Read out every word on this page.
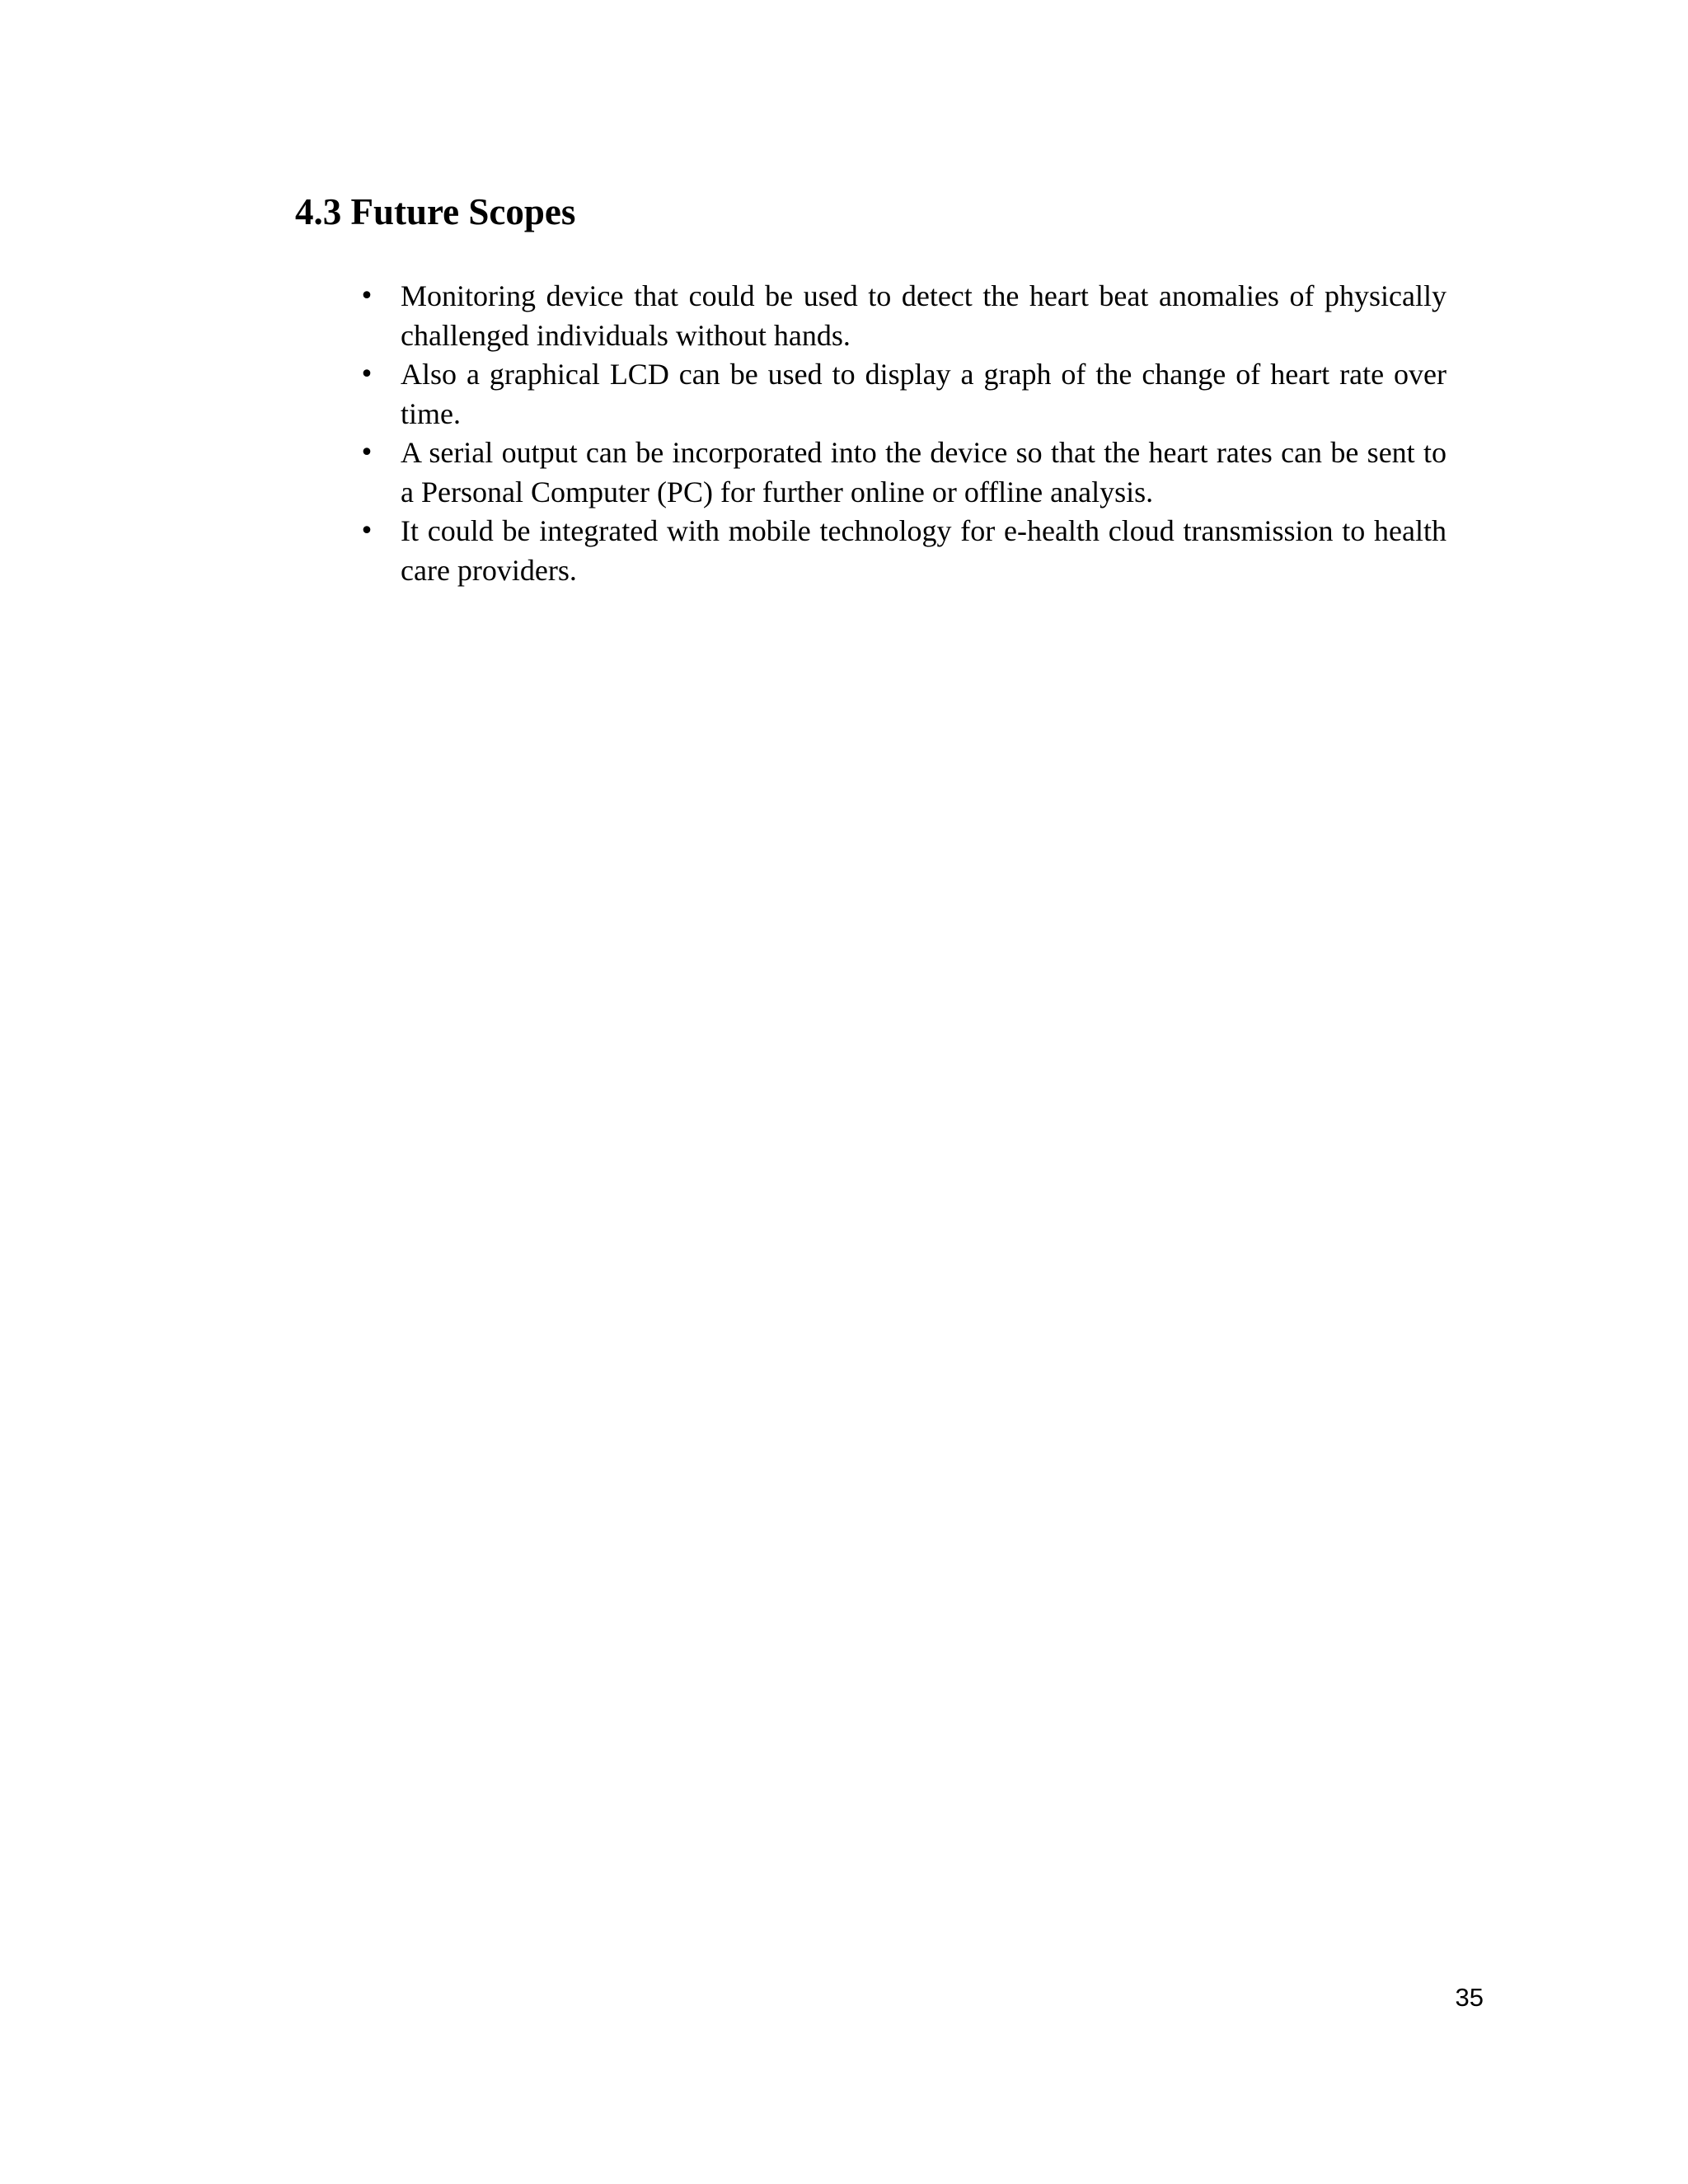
4.3 Future Scopes
• Monitoring device that could be used to detect the heart beat anomalies of physically challenged individuals without hands.
• Also a graphical LCD can be used to display a graph of the change of heart rate over time.
• A serial output can be incorporated into the device so that the heart rates can be sent to a Personal Computer (PC) for further online or offline analysis.
• It could be integrated with mobile technology for e-health cloud transmission to health care providers.
35
